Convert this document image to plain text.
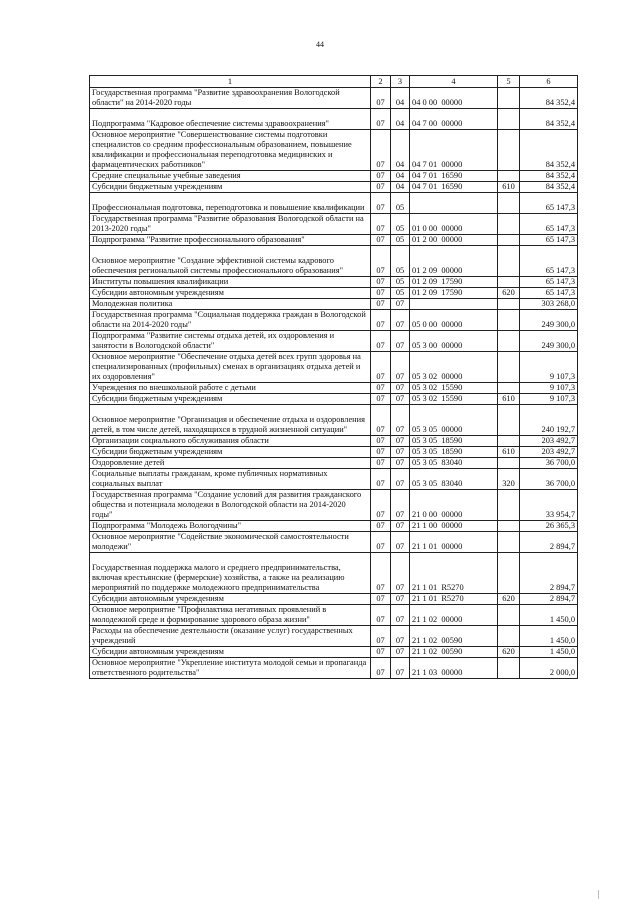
44
1	2	3	4	5	6
Государственная программа "Развитие здравоохранения Вологодской области" на 2014-2020 годы	07	04	04 0 00  00000		84 352,4
Подпрограмма "Кадровое обеспечение системы здравоохранения"	07	04	04 7 00  00000		84 352,4
Основное мероприятие "Совершенствование системы подготовки специалистов со средним профессиональным образованием, повышение квалификации и профессиональная переподготовка медицинских и фармацевтических работников"	07	04	04 7 01  00000		84 352,4
Средние специальные учебные заведения	07	04	04 7 01  16590		84 352,4
Субсидии бюджетным учреждениям	07	04	04 7 01  16590	610	84 352,4
Профессиональная подготовка, переподготовка и повышение квалификации	07	05			65 147,3
Государственная программа "Развитие образования Вологодской области на 2013-2020 годы"	07	05	01 0 00  00000		65 147,3
Подпрограмма "Развитие профессионального образования"	07	05	01 2 00  00000		65 147,3
Основное мероприятие "Создание эффективной системы кадрового обеспечения региональной системы профессионального образования"	07	05	01 2 09  00000		65 147,3
Институты повышения квалификации	07	05	01 2 09  17590		65 147,3
Субсидии автономным учреждениям	07	05	01 2 09  17590	620	65 147,3
Молодежная политика	07	07			303 268,0
Государственная программа "Социальная поддержка граждан в Вологодской области на 2014-2020 годы"	07	07	05 0 00  00000		249 300,0
Подпрограмма "Развитие системы отдыха детей, их оздоровления и занятости в Вологодской области"	07	07	05 3 00  00000		249 300,0
Основное мероприятие "Обеспечение отдыха детей всех групп здоровья на специализированных (профильных) сменах в организациях отдыха детей и их оздоровления"	07	07	05 3 02  00000		9 107,3
Учреждения по внешкольной работе с детьми	07	07	05 3 02  15590		9 107,3
Субсидии бюджетным учреждениям	07	07	05 3 02  15590	610	9 107,3
Основное мероприятие "Организация и обеспечение отдыха и оздоровления детей, в том числе детей, находящихся в трудной жизненной ситуации"	07	07	05 3 05  00000		240 192,7
Организации социального обслуживания области	07	07	05 3 05  18590		203 492,7
Субсидии бюджетным учреждениям	07	07	05 3 05  18590	610	203 492,7
Оздоровление детей	07	07	05 3 05  83040		36 700,0
Социальные выплаты гражданам, кроме публичных нормативных социальных выплат	07	07	05 3 05  83040	320	36 700,0
Государственная программа "Создание условий для развития гражданского общества и потенциала молодежи в Вологодской области на 2014-2020 годы"	07	07	21 0 00  00000		33 954,7
Подпрограмма "Молодежь Вологодчины"	07	07	21 1 00  00000		26 365,3
Основное мероприятие "Содействие экономической самостоятельности молодежи"	07	07	21 1 01  00000		2 894,7
Государственная поддержка малого и среднего предпринимательства, включая крестьянские (фермерские) хозяйства, а также на реализацию мероприятий по поддержке молодежного предпринимательства	07	07	21 1 01  R5270		2 894,7
Субсидии автономным учреждениям	07	07	21 1 01  R5270	620	2 894,7
Основное мероприятие "Профилактика негативных проявлений в молодежной среде и формирование здорового образа жизни"	07	07	21 1 02  00000		1 450,0
Расходы на обеспечение деятельности (оказание услуг) государственных учреждений	07	07	21 1 02  00590		1 450,0
Субсидии автономным учреждениям	07	07	21 1 02  00590	620	1 450,0
Основное мероприятие "Укрепление института молодой семьи и пропаганда ответственного родительства"	07	07	21 1 03  00000		2 000,0
